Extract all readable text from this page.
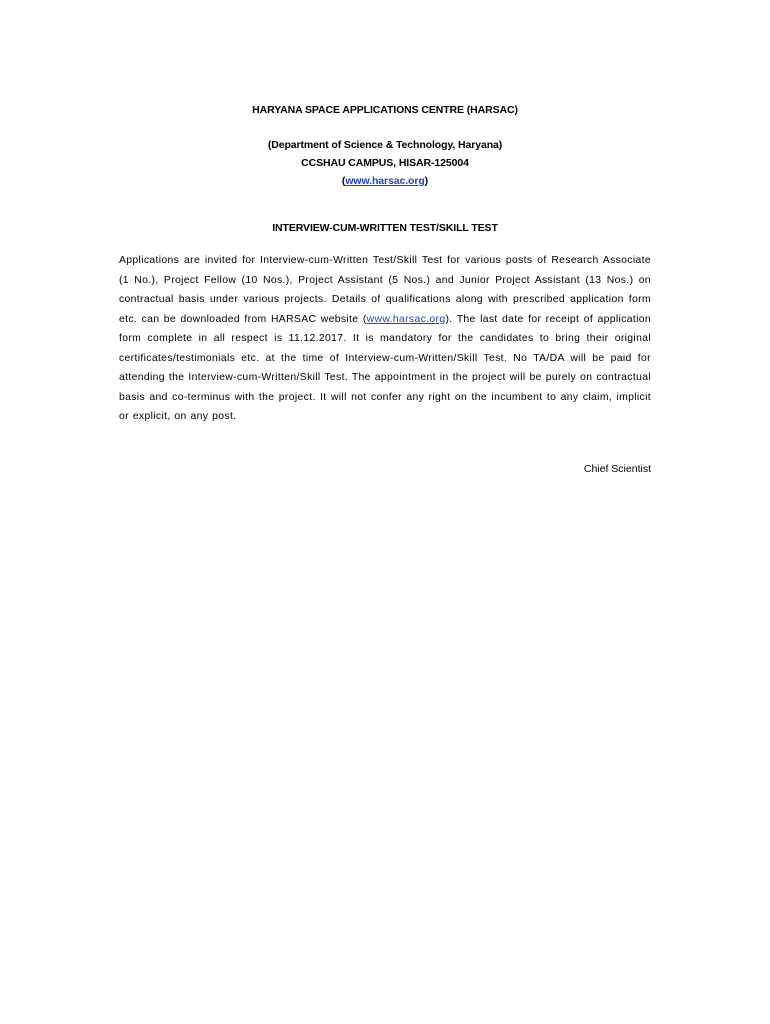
HARYANA SPACE APPLICATIONS CENTRE (HARSAC)
(Department of Science & Technology, Haryana)
CCSHAU CAMPUS, HISAR-125004
(www.harsac.org)
INTERVIEW-CUM-WRITTEN TEST/SKILL TEST
Applications are invited for Interview-cum-Written Test/Skill Test for various posts of Research Associate (1 No.), Project Fellow (10 Nos.), Project Assistant (5 Nos.) and Junior Project Assistant (13 Nos.) on contractual basis under various projects. Details of qualifications along with prescribed application form etc. can be downloaded from HARSAC website (www.harsac.org). The last date for receipt of application form complete in all respect is 11.12.2017. It is mandatory for the candidates to bring their original certificates/testimonials etc. at the time of Interview-cum-Written/Skill Test. No TA/DA will be paid for attending the Interview-cum-Written/Skill Test. The appointment in the project will be purely on contractual basis and co-terminus with the project. It will not confer any right on the incumbent to any claim, implicit or explicit, on any post.
Chief Scientist
